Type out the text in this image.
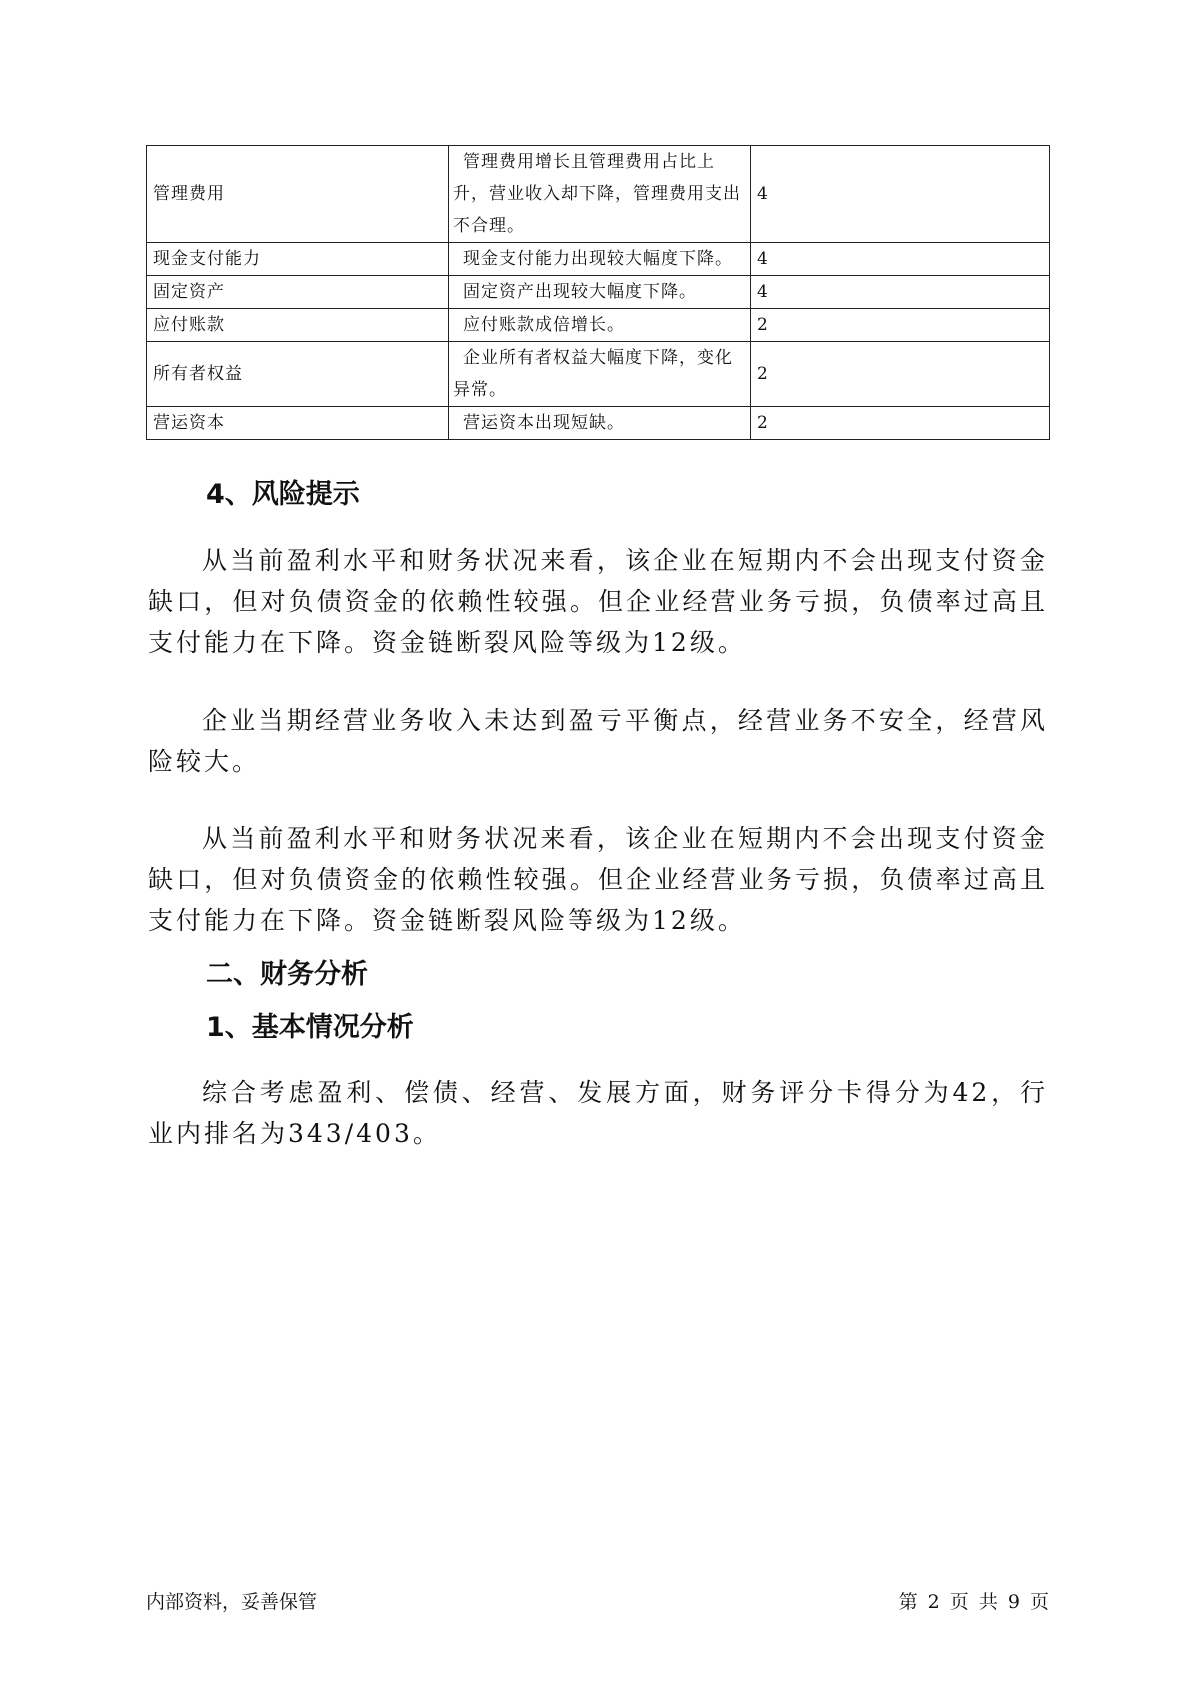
管理费用	管理费用增长且管理费用占比上升，营业收入却下降，管理费用支出不合理。	4
现金支付能力	现金支付能力出现较大幅度下降。	4
固定资产	固定资产出现较大幅度下降。	4
应付账款	应付账款成倍增长。	2
所有者权益	企业所有者权益大幅度下降，变化异常。	2
营运资本	营运资本出现短缺。	2
4、风险提示

从当前盈利水平和财务状况来看，该企业在短期内不会出现支付资金缺口，但对负债资金的依赖性较强。但企业经营业务亏损，负债率过高且支付能力在下降。资金链断裂风险等级为12级。

企业当期经营业务收入未达到盈亏平衡点，经营业务不安全，经营风险较大。

从当前盈利水平和财务状况来看，该企业在短期内不会出现支付资金缺口，但对负债资金的依赖性较强。但企业经营业务亏损，负债率过高且支付能力在下降。资金链断裂风险等级为12级。

二、财务分析
1、基本情况分析

综合考虑盈利、偿债、经营、发展方面，财务评分卡得分为42，行业内排名为343/403。

内部资料，妥善保管	第 2 页 共 9 页
